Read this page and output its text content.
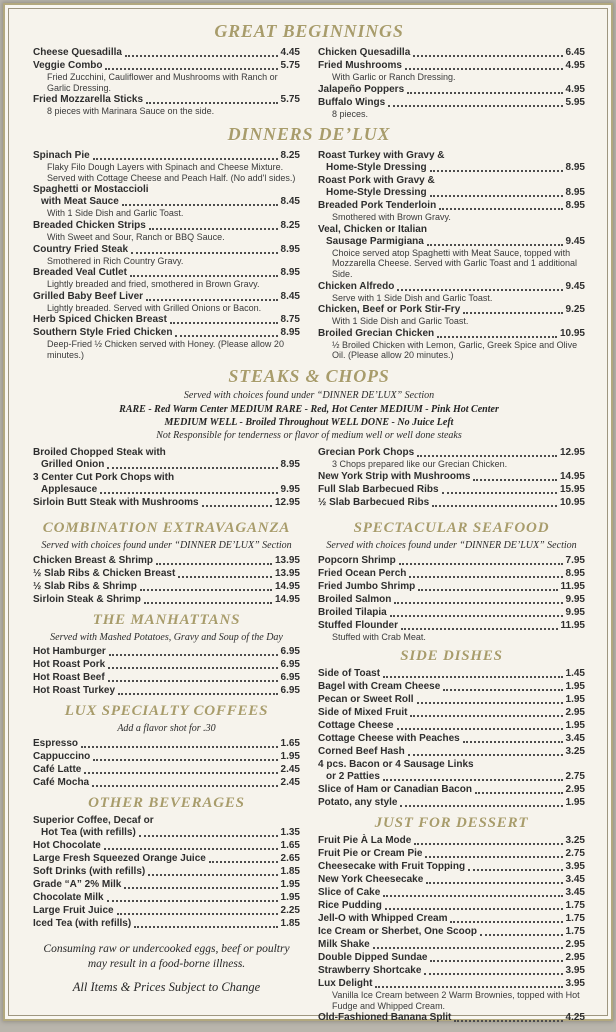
GREAT BEGINNINGS
Cheese Quesadilla	4.45
Veggie Combo	5.75
Fried Zucchini, Cauliflower and Mushrooms with Ranch or Garlic Dressing.
Fried Mozzarella Sticks	5.75
8 pieces with Marinara Sauce on the side.
Chicken Quesadilla	6.45
Fried Mushrooms	4.95
With Garlic or Ranch Dressing.
Jalapeño Poppers	4.95
Buffalo Wings	5.95
8 pieces.
DINNERS DE’LUX
Spinach Pie	8.25
Flaky Filo Dough Layers with Spinach and Cheese Mixture. Served with Cottage Cheese and Peach Half. (No add'l sides.)
Spaghetti or Mostaccioli
with Meat Sauce	8.45
With 1 Side Dish and Garlic Toast.
Breaded Chicken Strips	8.25
With Sweet and Sour, Ranch or BBQ Sauce.
Country Fried Steak	8.95
Smothered in Rich Country Gravy.
Breaded Veal Cutlet	8.95
Lightly breaded and fried, smothered in Brown Gravy.
Grilled Baby Beef Liver	8.45
Lightly breaded. Served with Grilled Onions or Bacon.
Herb Spiced Chicken Breast	8.75
Southern Style Fried Chicken	8.95
Deep-Fried ½ Chicken served with Honey. (Please allow 20 minutes.)
Roast Turkey with Gravy &
Home-Style Dressing	8.95
Roast Pork with Gravy &
Home-Style Dressing	8.95
Breaded Pork Tenderloin	8.95
Smothered with Brown Gravy.
Veal, Chicken or Italian
Sausage Parmigiana	9.45
Choice served atop Spaghetti with Meat Sauce, topped with Mozzarella Cheese. Served with Garlic Toast and 1 additional Side.
Chicken Alfredo	9.45
Serve with 1 Side Dish and Garlic Toast.
Chicken, Beef or Pork Stir-Fry	9.25
With 1 Side Dish and Garlic Toast.
Broiled Grecian Chicken	10.95
½ Broiled Chicken with Lemon, Garlic, Greek Spice and Olive Oil. (Please allow 20 minutes.)
STEAKS & CHOPS
Served with choices found under “DINNER DE’LUX” Section
RARE - Red Warm Center MEDIUM RARE - Red, Hot Center MEDIUM - Pink Hot Center
MEDIUM WELL - Broiled Throughout WELL DONE - No Juice Left
Not Responsible for tenderness or flavor of medium well or well done steaks
Broiled Chopped Steak with
Grilled Onion	8.95
3 Center Cut Pork Chops with
Applesauce	9.95
Sirloin Butt Steak with Mushrooms	12.95
Grecian Pork Chops	12.95
3 Chops prepared like our Grecian Chicken.
New York Strip with Mushrooms	14.95
Full Slab Barbecued Ribs	15.95
½ Slab Barbecued Ribs	10.95
COMBINATION EXTRAVAGANZA
Served with choices found under “DINNER DE’LUX” Section
Chicken Breast & Shrimp	13.95
½ Slab Ribs & Chicken Breast	13.95
½ Slab Ribs & Shrimp	14.95
Sirloin Steak & Shrimp	14.95
THE MANHATTANS
Served with Mashed Potatoes, Gravy and Soup of the Day
Hot Hamburger	6.95
Hot Roast Pork	6.95
Hot Roast Beef	6.95
Hot Roast Turkey	6.95
LUX SPECIALTY COFFEES
Add a flavor shot for .30
Espresso	1.65
Cappuccino	1.95
Café Latte	2.45
Café Mocha	2.45
OTHER BEVERAGES
Superior Coffee, Decaf or
Hot Tea (with refills)	1.35
Hot Chocolate	1.65
Large Fresh Squeezed Orange Juice	2.65
Soft Drinks (with refills)	1.85
Grade “A” 2% Milk	1.95
Chocolate Milk	1.95
Large Fruit Juice	2.25
Iced Tea (with refills)	1.85
Consuming raw or undercooked eggs, beef or poultry may result in a food-borne illness.
All Items & Prices Subject to Change
SPECTACULAR SEAFOOD
Served with choices found under “DINNER DE’LUX” Section
Popcorn Shrimp	7.95
Fried Ocean Perch	8.95
Fried Jumbo Shrimp	11.95
Broiled Salmon	9.95
Broiled Tilapia	9.95
Stuffed Flounder	11.95
Stuffed with Crab Meat.
SIDE DISHES
Side of Toast	1.45
Bagel with Cream Cheese	1.95
Pecan or Sweet Roll	1.95
Side of Mixed Fruit	2.95
Cottage Cheese	1.95
Cottage Cheese with Peaches	3.45
Corned Beef Hash	3.25
4 pcs. Bacon or 4 Sausage Links
or 2 Patties	2.75
Slice of Ham or Canadian Bacon	2.95
Potato, any style	1.95
JUST FOR DESSERT
Fruit Pie À La Mode	3.25
Fruit Pie or Cream Pie	2.75
Cheesecake with Fruit Topping	3.95
New York Cheesecake	3.45
Slice of Cake	3.45
Rice Pudding	1.75
Jell-O with Whipped Cream	1.75
Ice Cream or Sherbet, One Scoop	1.75
Milk Shake	2.95
Double Dipped Sundae	2.95
Strawberry Shortcake	3.95
Lux Delight	3.95
Vanilla Ice Cream between 2 Warm Brownies, topped with Hot Fudge and Whipped Cream.
Old-Fashioned Banana Split	4.25
